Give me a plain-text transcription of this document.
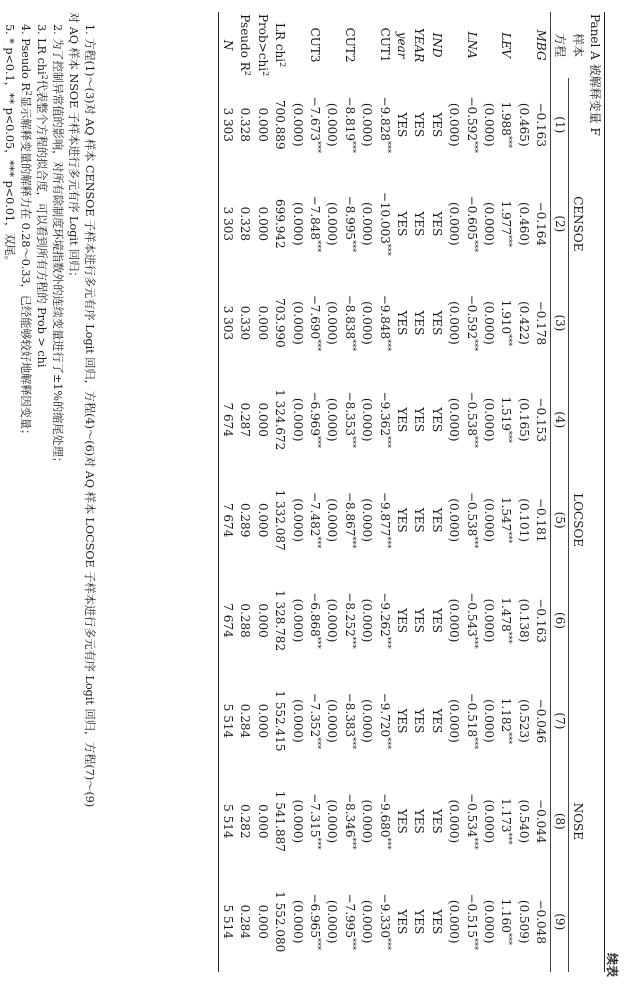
续表
Panel A 被解释变量 F									
样本	CENSOE			LOCSOE			NOSE		
方程	(1)	(2)	(3)	(4)	(5)	(6)	(7)	(8)	(9)
MBG	−0.163	−0.164	−0.178	−0.153	−0.181	−0.163	−0.046	−0.044	−0.048
	(0.465)	(0.460)	(0.422)	(0.165)	(0.101)	(0.138)	(0.523)	(0.540)	(0.509)
LEV	1.988***	1.977***	1.910***	1.519***	1.547***	1.478***	1.182***	1.173***	1.160***
	(0.000)	(0.000)	(0.000)	(0.000)	(0.000)	(0.000)	(0.000)	(0.000)	(0.000)
LNA	−0.592***	−0.605***	−0.592***	−0.538***	−0.538***	−0.543***	−0.518***	−0.534***	−0.515***
	(0.000)	(0.000)	(0.000)	(0.000)	(0.000)	(0.000)	(0.000)	(0.000)	(0.000)
IND	YES	YES	YES	YES	YES	YES	YES	YES	YES
YEAR	YES	YES	YES	YES	YES	YES	YES	YES	YES
year	YES	YES	YES	YES	YES	YES	YES	YES	YES
CUT1	−9.828***	−10.003***	−9.848***	−9.362***	−9.877***	−9.262***	−9.720***	−9.680***	−9.330***
	(0.000)	(0.000)	(0.000)	(0.000)	(0.000)	(0.000)	(0.000)	(0.000)	(0.000)
CUT2	−8.819***	−8.995***	−8.838***	−8.353***	−8.867***	−8.252***	−8.383***	−8.346***	−7.995***
	(0.000)	(0.000)	(0.000)	(0.000)	(0.000)	(0.000)	(0.000)	(0.000)	(0.000)
CUT3	−7.673***	−7.848***	−7.690***	−6.969***	−7.482***	−6.868***	−7.352***	−7.315***	−6.965***
	(0.000)	(0.000)	(0.000)	(0.000)	(0.000)	(0.000)	(0.000)	(0.000)	(0.000)
LR chi$^2$	700.889	699.942	703.990	1 324.672	1 332.087	1 328.782	1 552.415	1 541.887	1 552.080
Prob>chi$^2$	0.000	0.000	0.000	0.000	0.000	0.000	0.000	0.000	0.000
Pseudo $R^2$	0.328	0.328	0.330	0.287	0.289	0.288	0.284	0.282	0.284
N	3 303	3 303	3 303	7 674	7 674	7 674	5 514	5 514	5 514
1. 方程(1)～(3)对 AQ 样本 CENSOE 子样本进行多元有序 Logit 回归，方程(4)～(6)对 AQ 样本 LOCSOE 子样本进行多元有序 Logit 回归，方程(7)～(9)
对 AQ 样本 NSOE 子样本进行多元有序 Logit 回归；
2. 为了控制异常值的影响，对所有除制度环境指数外的连续变量进行了±1%的缩尾处理；
3. LR chi$^2$代表整个方程的拟合度，可以看到所有方程的 Prob > chi
4. Pseudo $R^2$显示解释变量的解释力在 0.28～0.33，已经能够较好地解释因变量；
5. * p<0.1，** p<0.05，*** p<0.01，双尾。
